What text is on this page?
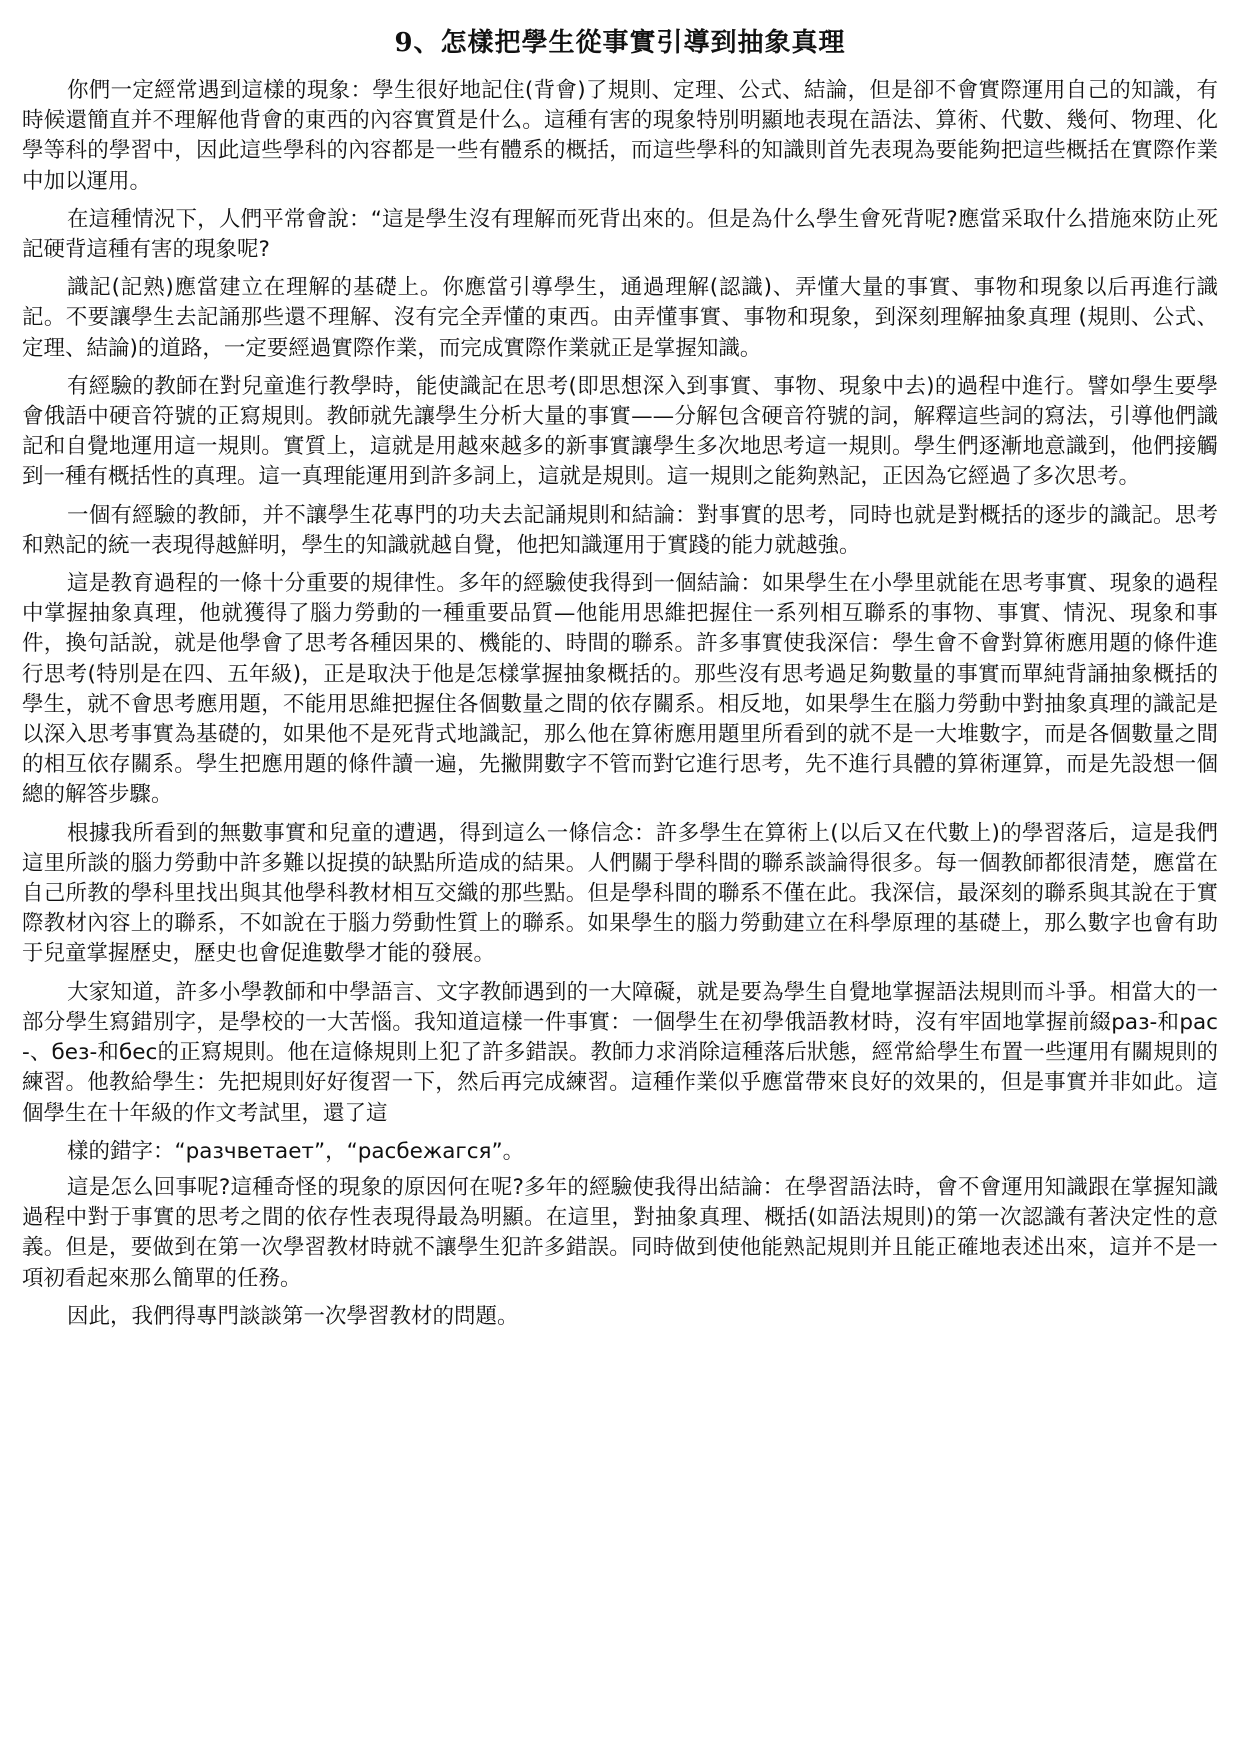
9、怎樣把學生從事實引導到抽象真理

你們一定經常遇到這樣的現象：學生很好地記住(背會)了規則、定理、公式、結論，但是卻不會實際運用自己的知識，有時候還簡直并不理解他背會的東西的內容實質是什么。這種有害的現象特別明顯地表現在語法、算術、代數、幾何、物理、化學等科的學習中，因此這些學科的內容都是一些有體系的概括，而這些學科的知識則首先表現為要能夠把這些概括在實際作業中加以運用。

在這種情況下，人們平常會說：“這是學生沒有理解而死背出來的。但是為什么學生會死背呢?應當采取什么措施來防止死記硬背這種有害的現象呢?

識記(記熟)應當建立在理解的基礎上。你應當引導學生，通過理解(認識)、弄懂大量的事實、事物和現象以后再進行識記。不要讓學生去記誦那些還不理解、沒有完全弄懂的東西。由弄懂事實、事物和現象，到深刻理解抽象真理 (規則、公式、定理、結論)的道路，一定要經過實際作業，而完成實際作業就正是掌握知識。

有經驗的教師在對兒童進行教學時，能使識記在思考(即思想深入到事實、事物、現象中去)的過程中進行。譬如學生要學會俄語中硬音符號的正寫規則。教師就先讓學生分析大量的事實——分解包含硬音符號的詞，解釋這些詞的寫法，引導他們識記和自覺地運用這一規則。實質上，這就是用越來越多的新事實讓學生多次地思考這一規則。學生們逐漸地意識到，他們接觸到一種有概括性的真理。這一真理能運用到許多詞上，這就是規則。這一規則之能夠熟記，正因為它經過了多次思考。

一個有經驗的教師，并不讓學生花專門的功夫去記誦規則和結論：對事實的思考，同時也就是對概括的逐步的識記。思考和熟記的統一表現得越鮮明，學生的知識就越自覺，他把知識運用于實踐的能力就越強。

這是教育過程的一條十分重要的規律性。多年的經驗使我得到一個結論：如果學生在小學里就能在思考事實、現象的過程中掌握抽象真理，他就獲得了腦力勞動的一種重要品質—他能用思維把握住一系列相互聯系的事物、事實、情況、現象和事件，換句話說，就是他學會了思考各種因果的、機能的、時間的聯系。許多事實使我深信：學生會不會對算術應用題的條件進行思考(特別是在四、五年級)，正是取決于他是怎樣掌握抽象概括的。那些沒有思考過足夠數量的事實而單純背誦抽象概括的學生，就不會思考應用題，不能用思維把握住各個數量之間的依存關系。相反地，如果學生在腦力勞動中對抽象真理的識記是以深入思考事實為基礎的，如果他不是死背式地識記，那么他在算術應用題里所看到的就不是一大堆數字，而是各個數量之間的相互依存關系。學生把應用題的條件讀一遍，先撇開數字不管而對它進行思考，先不進行具體的算術運算，而是先設想一個總的解答步驟。

根據我所看到的無數事實和兒童的遭遇，得到這么一條信念：許多學生在算術上(以后又在代數上)的學習落后，這是我們這里所談的腦力勞動中許多難以捉摸的缺點所造成的結果。人們關于學科間的聯系談論得很多。每一個教師都很清楚，應當在自己所教的學科里找出與其他學科教材相互交織的那些點。但是學科間的聯系不僅在此。我深信，最深刻的聯系與其說在于實際教材內容上的聯系，不如說在于腦力勞動性質上的聯系。如果學生的腦力勞動建立在科學原理的基礎上，那么數字也會有助于兒童掌握歷史，歷史也會促進數學才能的發展。

大家知道，許多小學教師和中學語言、文字教師遇到的一大障礙，就是要為學生自覺地掌握語法規則而斗爭。相當大的一部分學生寫錯別字，是學校的一大苦惱。我知道這樣一件事實：一個學生在初學俄語教材時，沒有牢固地掌握前綴раз-和рас-、без-和бес的正寫規則。他在這條規則上犯了許多錯誤。教師力求消除這種落后狀態，經常給學生布置一些運用有關規則的練習。他教給學生：先把規則好好復習一下，然后再完成練習。這種作業似乎應當帶來良好的效果的，但是事實并非如此。這個學生在十年級的作文考試里，還了這

樣的錯字：“разчветает”，“расбежагся”。

這是怎么回事呢?這種奇怪的現象的原因何在呢?多年的經驗使我得出結論：在學習語法時，會不會運用知識跟在掌握知識過程中對于事實的思考之間的依存性表現得最為明顯。在這里，對抽象真理、概括(如語法規則)的第一次認識有著決定性的意義。但是，要做到在第一次學習教材時就不讓學生犯許多錯誤。同時做到使他能熟記規則并且能正確地表述出來，這并不是一項初看起來那么簡單的任務。

因此，我們得專門談談第一次學習教材的問題。
